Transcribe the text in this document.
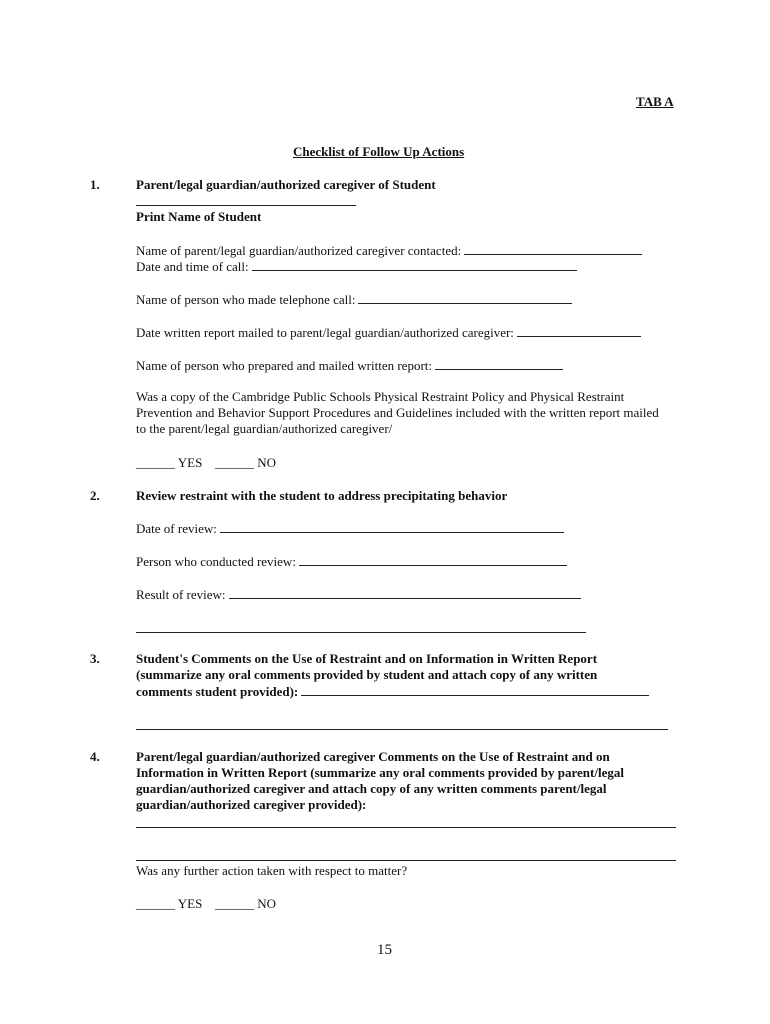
TAB A
Checklist of Follow Up Actions
1.	Parent/legal guardian/authorized caregiver of Student
Print Name of Student
Name of parent/legal guardian/authorized caregiver contacted:
Date and time of call:
Name of person who made telephone call:
Date written report mailed to parent/legal guardian/authorized caregiver:
Name of person who prepared and mailed written report:
Was a copy of the Cambridge Public Schools Physical Restraint Policy and Physical Restraint Prevention and Behavior Support Procedures and Guidelines included with the written report mailed to the parent/legal guardian/authorized caregiver/
______ YES ______ NO
2.	Review restraint with the student to address precipitating behavior
Date of review:
Person who conducted review:
Result of review:
3.	Student's Comments on the Use of Restraint and on Information in Written Report
(summarize any oral comments provided by student and attach copy of any written
comments student provided):
4.	Parent/legal guardian/authorized caregiver Comments on the Use of Restraint and on
Information in Written Report (summarize any oral comments provided by parent/legal
guardian/authorized caregiver and attach copy of any written comments parent/legal
guardian/authorized caregiver provided):
Was any further action taken with respect to matter?
______ YES ______ NO
15
